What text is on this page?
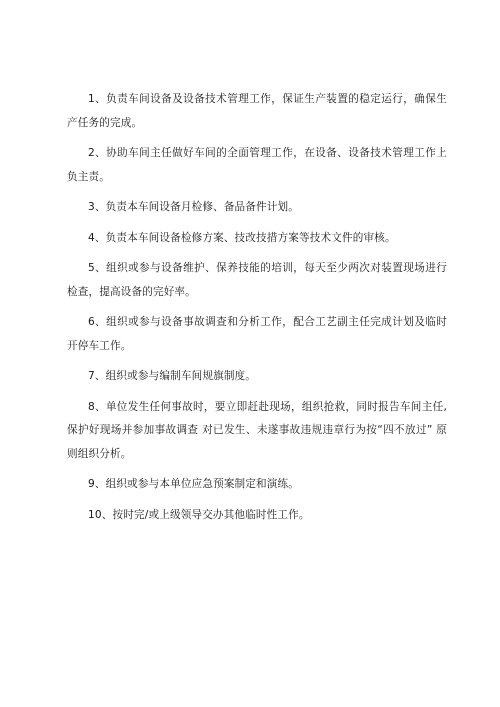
1、负责车间设备及设备技术管理工作，保证生产装置的稳定运行，确保生产任务的完成。

2、协助车间主任做好车间的全面管理工作，在设备、设备技术管理工作上负主责。

3、负责本车间设备月检修、备品备件计划。

4、负责本车间设备检修方案、技改技措方案等技术文件的审核。

5、组织或参与设备维护、保养技能的培训，每天至少两次对装置现场进行检查，提高设备的完好率。

6、组织或参与设备事故调查和分析工作，配合工艺副主任完成计划及临时开停车工作。

7、组织或参与编制车间规旗制度。

8、单位发生任何事故时，要立即赶赴现场，组织抢救，同时报告车间主任,保护好现场并参加事故调查 对已发生、未遂事故违规违章行为按“四不放过” 原则组织分析。

9、组织或参与本单位应急预案制定和演练。

10、按时完/或上级领导交办其他临时性工作。
